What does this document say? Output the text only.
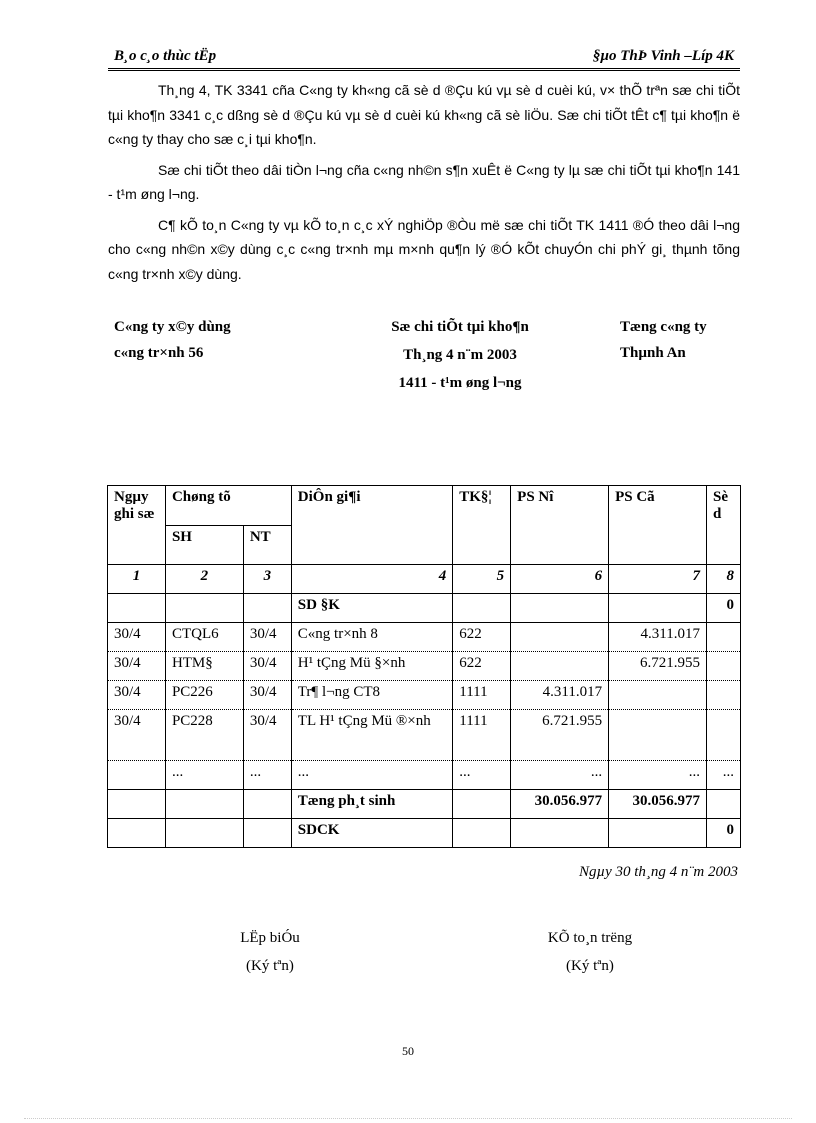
B¸o c¸o thùc tËp	§µo ThÞ Vinh –Líp 4K

Th¸ng 4, TK 3341 cña C«ng ty kh«ng cã sè d ®Çu kú vµ sè d cuèi kú, v× thÕ trªn sæ chi tiÕt tµi kho¶n 3341 c¸c dßng sè d ®Çu kú vµ sè d cuèi kú kh«ng cã sè liÖu. Sæ chi tiÕt tÊt c¶ tµi kho¶n ë c«ng ty thay cho sæ c¸i tµi kho¶n.

Sæ chi tiÕt theo dâi tiÒn l¬ng cña c«ng nh©n s¶n xuÊt ë C«ng ty lµ sæ chi tiÕt tµi kho¶n 141 - t¹m øng l¬ng.

C¶ kÕ to¸n C«ng ty vµ kÕ to¸n c¸c xÝ nghiÖp ®Òu më sæ chi tiÕt TK 1411 ®Ó theo dâi l¬ng cho c«ng nh©n x©y dùng c¸c c«ng tr×nh mµ m×nh qu¶n lý ®Ó kÕt chuyÓn chi phÝ gi¸ thµnh tõng c«ng tr×nh x©y dùng.

C«ng ty x©y dùng
c«ng tr×nh 56
Sæ chi tiÕt tµi kho¶n
Th¸ng 4 n¨m 2003
1411 - t¹m øng l¬ng
Tæng c«ng ty
Thµnh An
Ngµy ghi sæ	Chøng tõ		DiÔn gi¶i	TK§¦	PS Nî	PS Cã	Sè d
	SH	NT					
1	2	3	4	5	6	7	8
			SD §K				0
30/4	CTQL6	30/4	C«ng tr×nh 8	622		4.311.017	
30/4	HTM§	30/4	H¹ tÇng Mü §×nh	622		6.721.955	
30/4	PC226	30/4	Tr¶ l¬ng CT8	1111	4.311.017		
30/4	PC228	30/4	TL H¹ tÇng Mü ®×nh	1111	6.721.955		
	...	...	...	...	...	...	...
			Tæng ph¸t sinh		30.056.977	30.056.977	
			SDCK				0
Ngµy 30 th¸ng 4 n¨m 2003
LËp biÓu
(Ký tªn)
KÕ to¸n trëng
(Ký tªn)
50
